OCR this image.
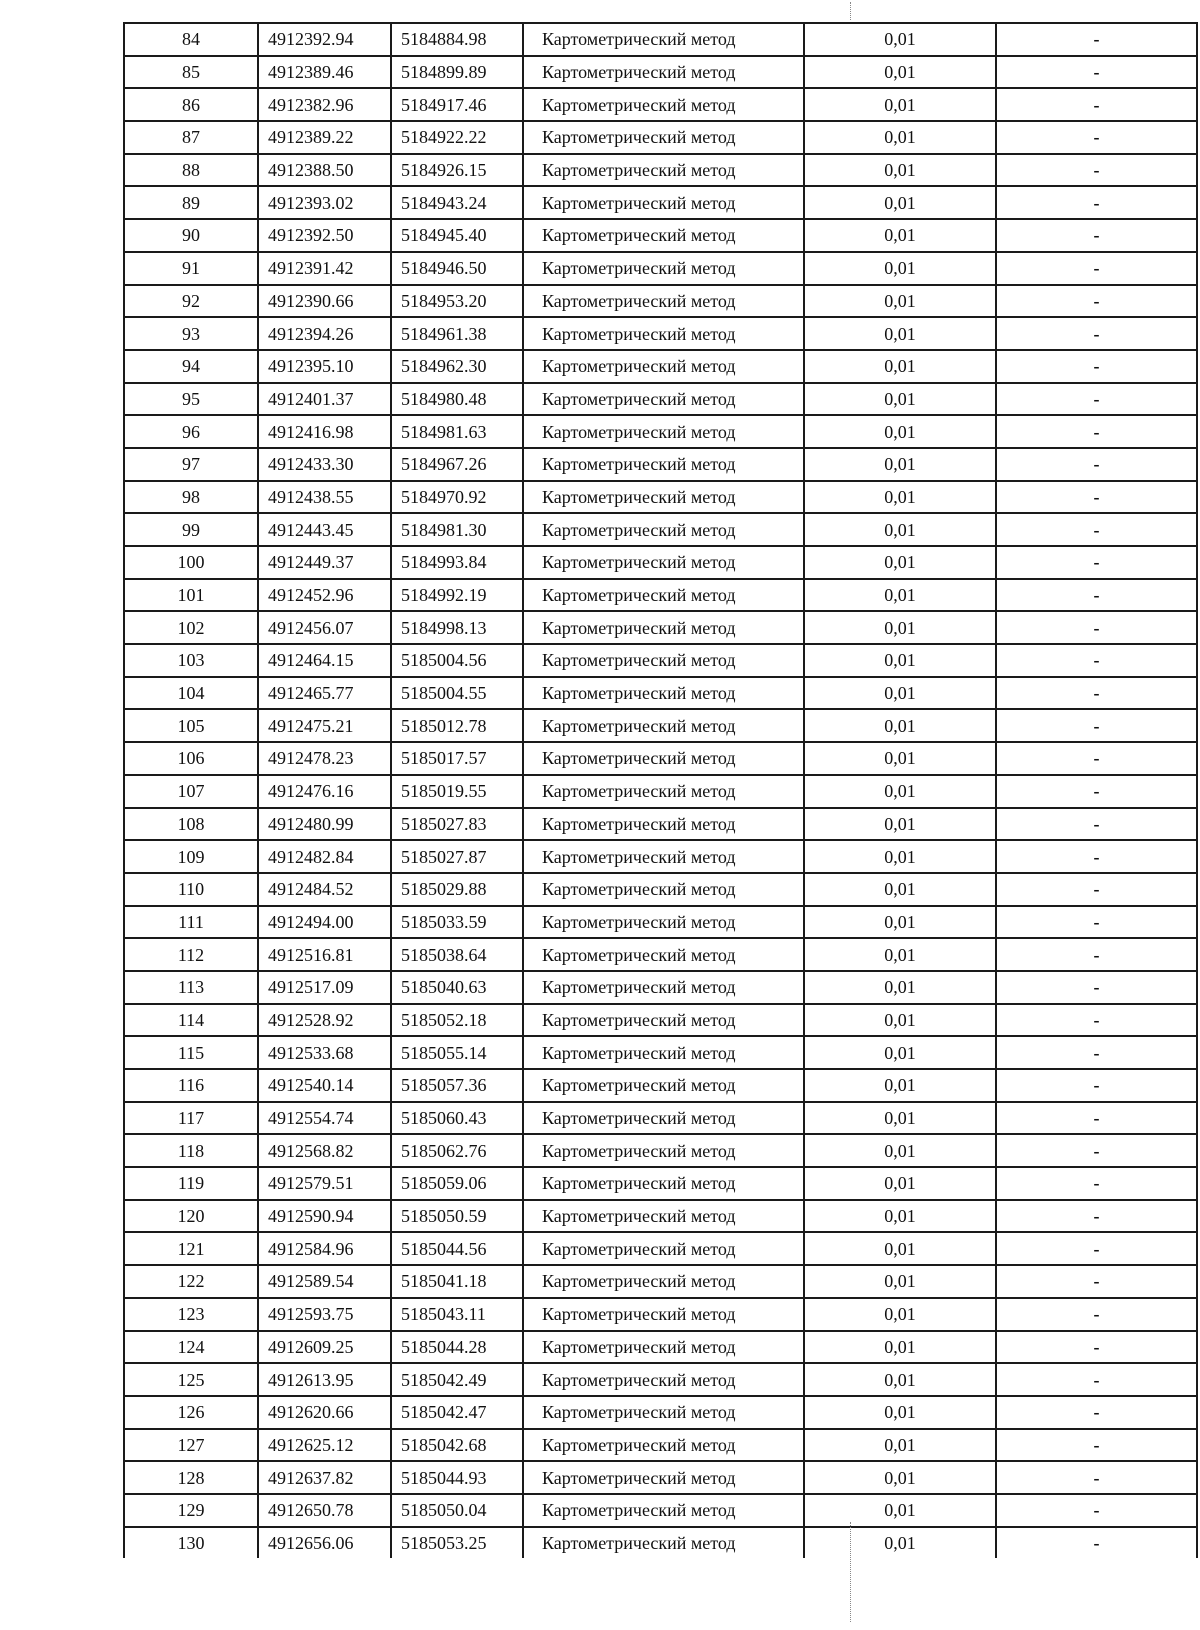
84	4912392.94	5184884.98	Картометрический метод	0,01	-
85	4912389.46	5184899.89	Картометрический метод	0,01	-
86	4912382.96	5184917.46	Картометрический метод	0,01	-
87	4912389.22	5184922.22	Картометрический метод	0,01	-
88	4912388.50	5184926.15	Картометрический метод	0,01	-
89	4912393.02	5184943.24	Картометрический метод	0,01	-
90	4912392.50	5184945.40	Картометрический метод	0,01	-
91	4912391.42	5184946.50	Картометрический метод	0,01	-
92	4912390.66	5184953.20	Картометрический метод	0,01	-
93	4912394.26	5184961.38	Картометрический метод	0,01	-
94	4912395.10	5184962.30	Картометрический метод	0,01	-
95	4912401.37	5184980.48	Картометрический метод	0,01	-
96	4912416.98	5184981.63	Картометрический метод	0,01	-
97	4912433.30	5184967.26	Картометрический метод	0,01	-
98	4912438.55	5184970.92	Картометрический метод	0,01	-
99	4912443.45	5184981.30	Картометрический метод	0,01	-
100	4912449.37	5184993.84	Картометрический метод	0,01	-
101	4912452.96	5184992.19	Картометрический метод	0,01	-
102	4912456.07	5184998.13	Картометрический метод	0,01	-
103	4912464.15	5185004.56	Картометрический метод	0,01	-
104	4912465.77	5185004.55	Картометрический метод	0,01	-
105	4912475.21	5185012.78	Картометрический метод	0,01	-
106	4912478.23	5185017.57	Картометрический метод	0,01	-
107	4912476.16	5185019.55	Картометрический метод	0,01	-
108	4912480.99	5185027.83	Картометрический метод	0,01	-
109	4912482.84	5185027.87	Картометрический метод	0,01	-
110	4912484.52	5185029.88	Картометрический метод	0,01	-
111	4912494.00	5185033.59	Картометрический метод	0,01	-
112	4912516.81	5185038.64	Картометрический метод	0,01	-
113	4912517.09	5185040.63	Картометрический метод	0,01	-
114	4912528.92	5185052.18	Картометрический метод	0,01	-
115	4912533.68	5185055.14	Картометрический метод	0,01	-
116	4912540.14	5185057.36	Картометрический метод	0,01	-
117	4912554.74	5185060.43	Картометрический метод	0,01	-
118	4912568.82	5185062.76	Картометрический метод	0,01	-
119	4912579.51	5185059.06	Картометрический метод	0,01	-
120	4912590.94	5185050.59	Картометрический метод	0,01	-
121	4912584.96	5185044.56	Картометрический метод	0,01	-
122	4912589.54	5185041.18	Картометрический метод	0,01	-
123	4912593.75	5185043.11	Картометрический метод	0,01	-
124	4912609.25	5185044.28	Картометрический метод	0,01	-
125	4912613.95	5185042.49	Картометрический метод	0,01	-
126	4912620.66	5185042.47	Картометрический метод	0,01	-
127	4912625.12	5185042.68	Картометрический метод	0,01	-
128	4912637.82	5185044.93	Картометрический метод	0,01	-
129	4912650.78	5185050.04	Картометрический метод	0,01	-
130	4912656.06	5185053.25	Картометрический метод	0,01	-
